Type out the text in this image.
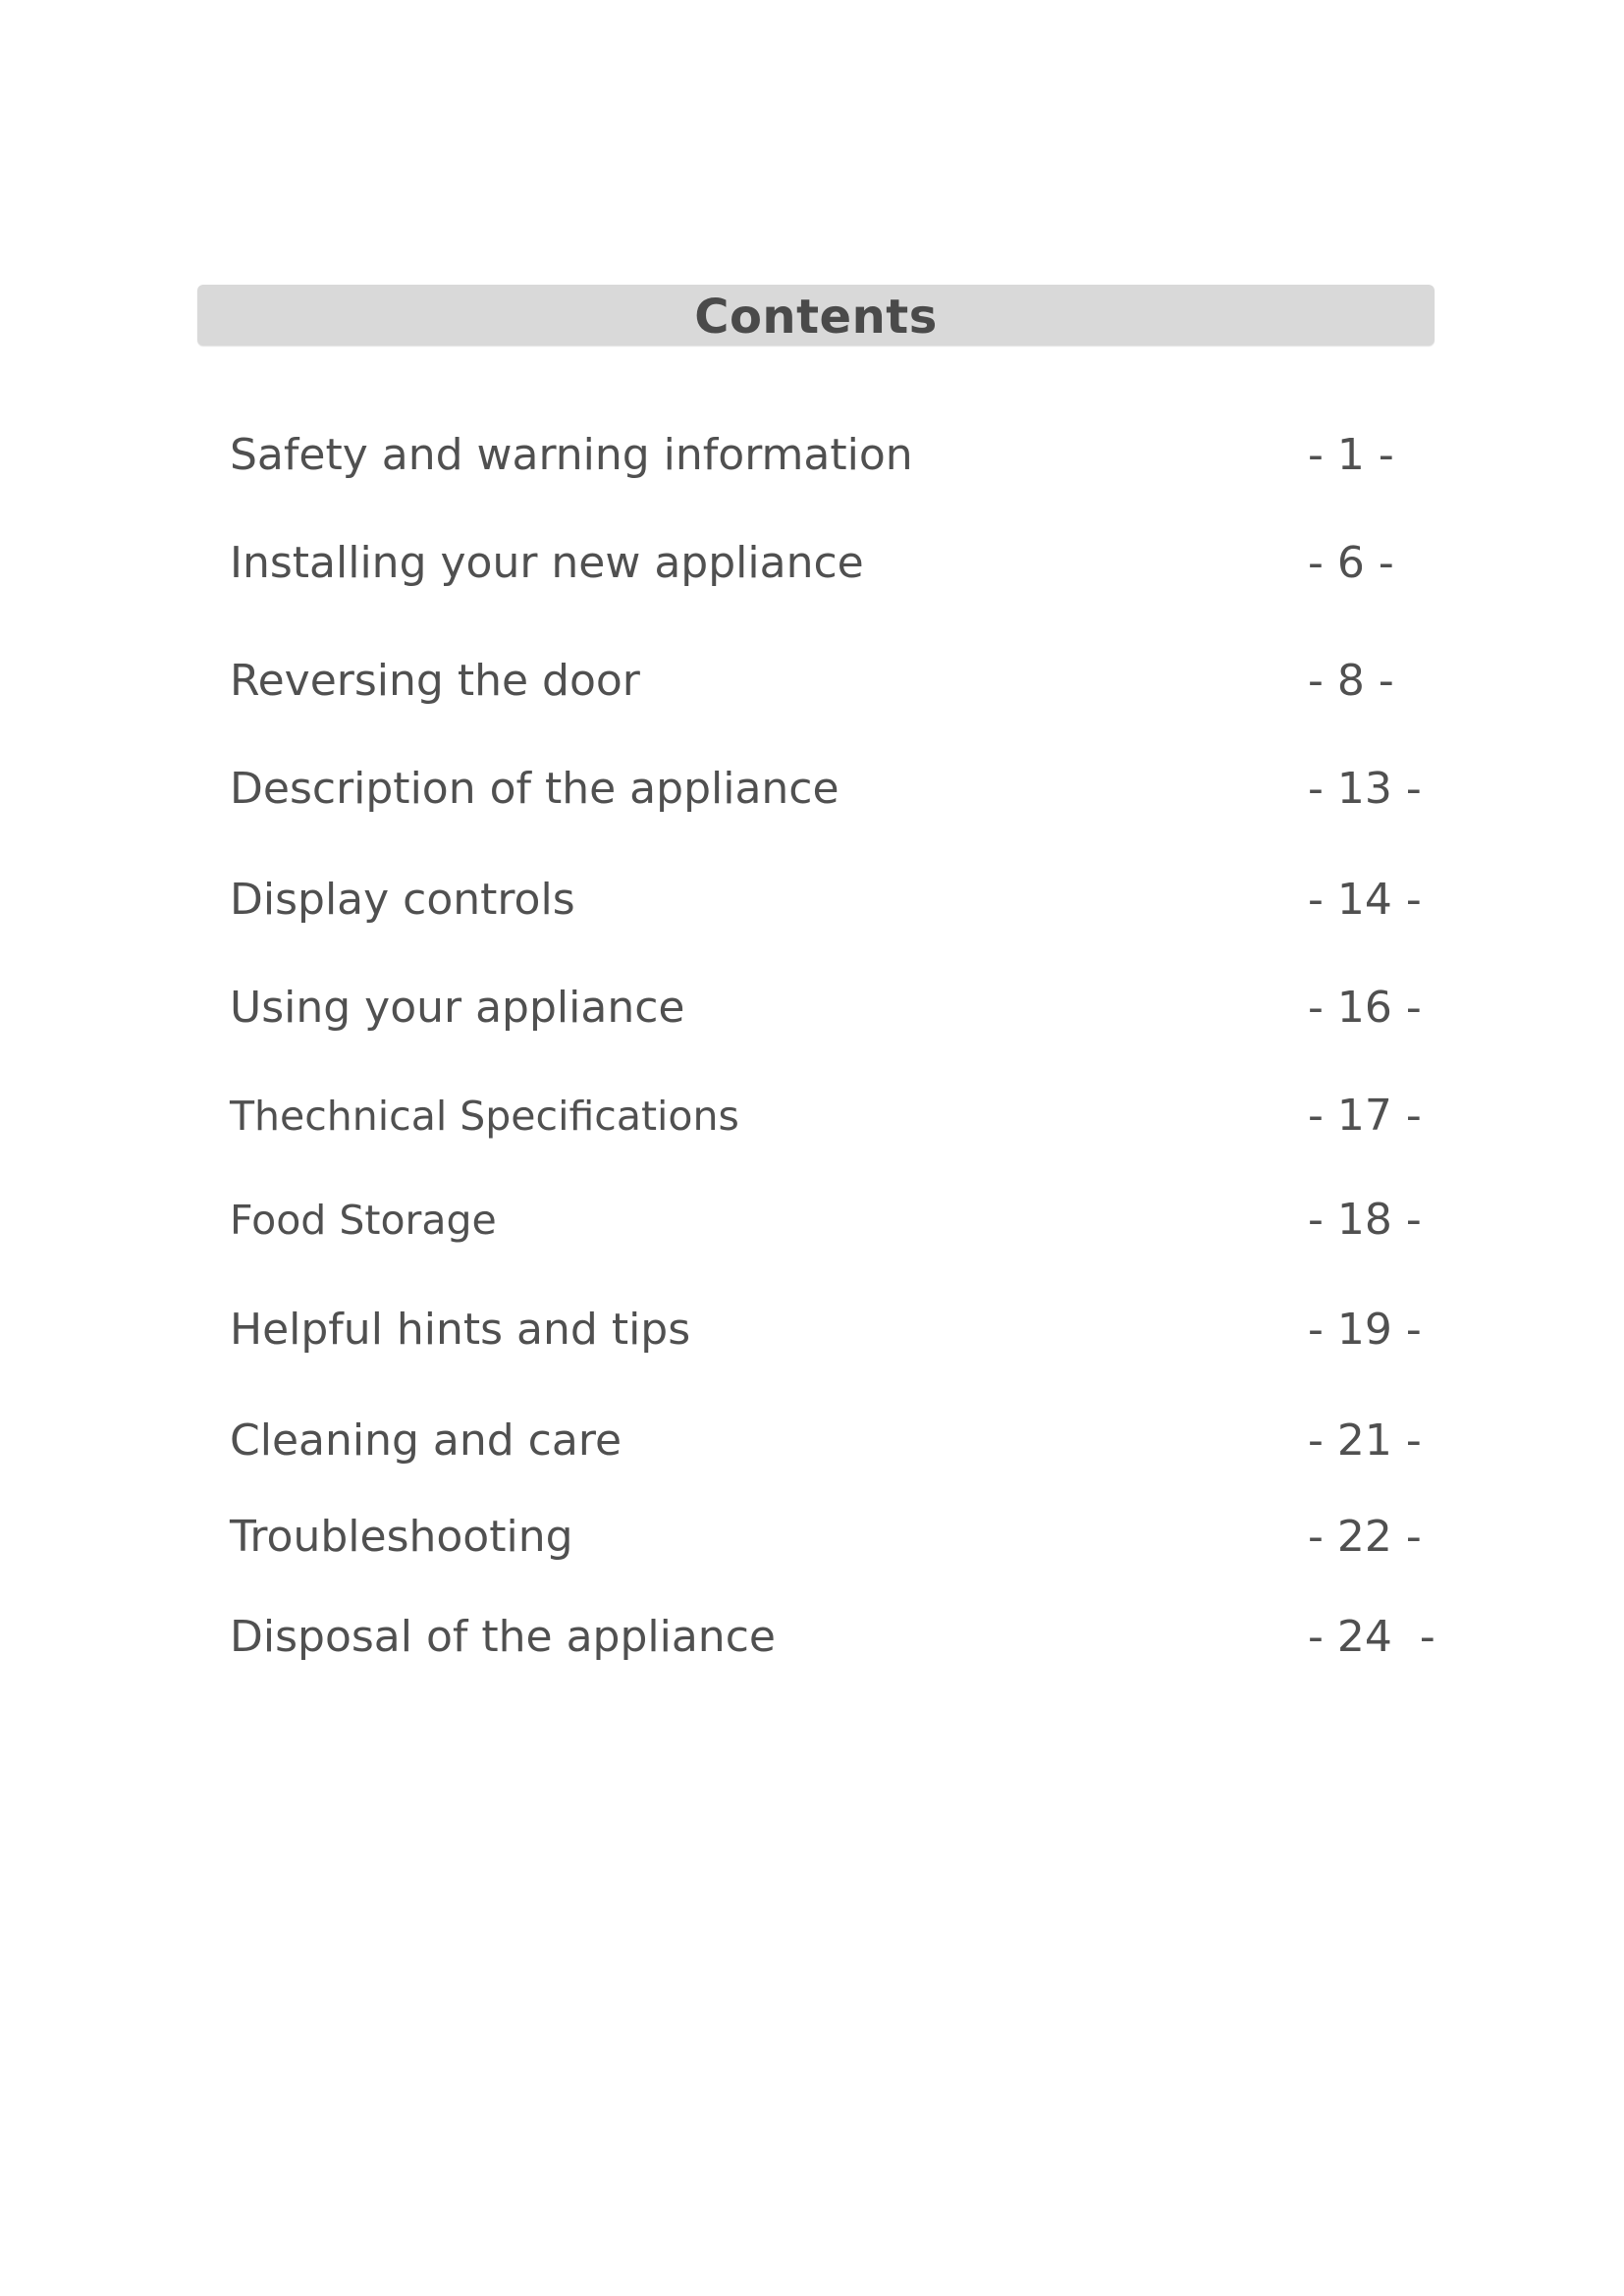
Contents
Safety and warning information	- 1 -
Installing your new appliance	- 6 -
Reversing the door	- 8 -
Description of the appliance	- 13 -
Display controls	- 14 -
Using your appliance	- 16 -
Thechnical Specifications	- 17 -
Food Storage	- 18 -
Helpful hints and tips	- 19 -
Cleaning and care	- 21 -
Troubleshooting	- 22 -
Disposal of the appliance	- 24  -
